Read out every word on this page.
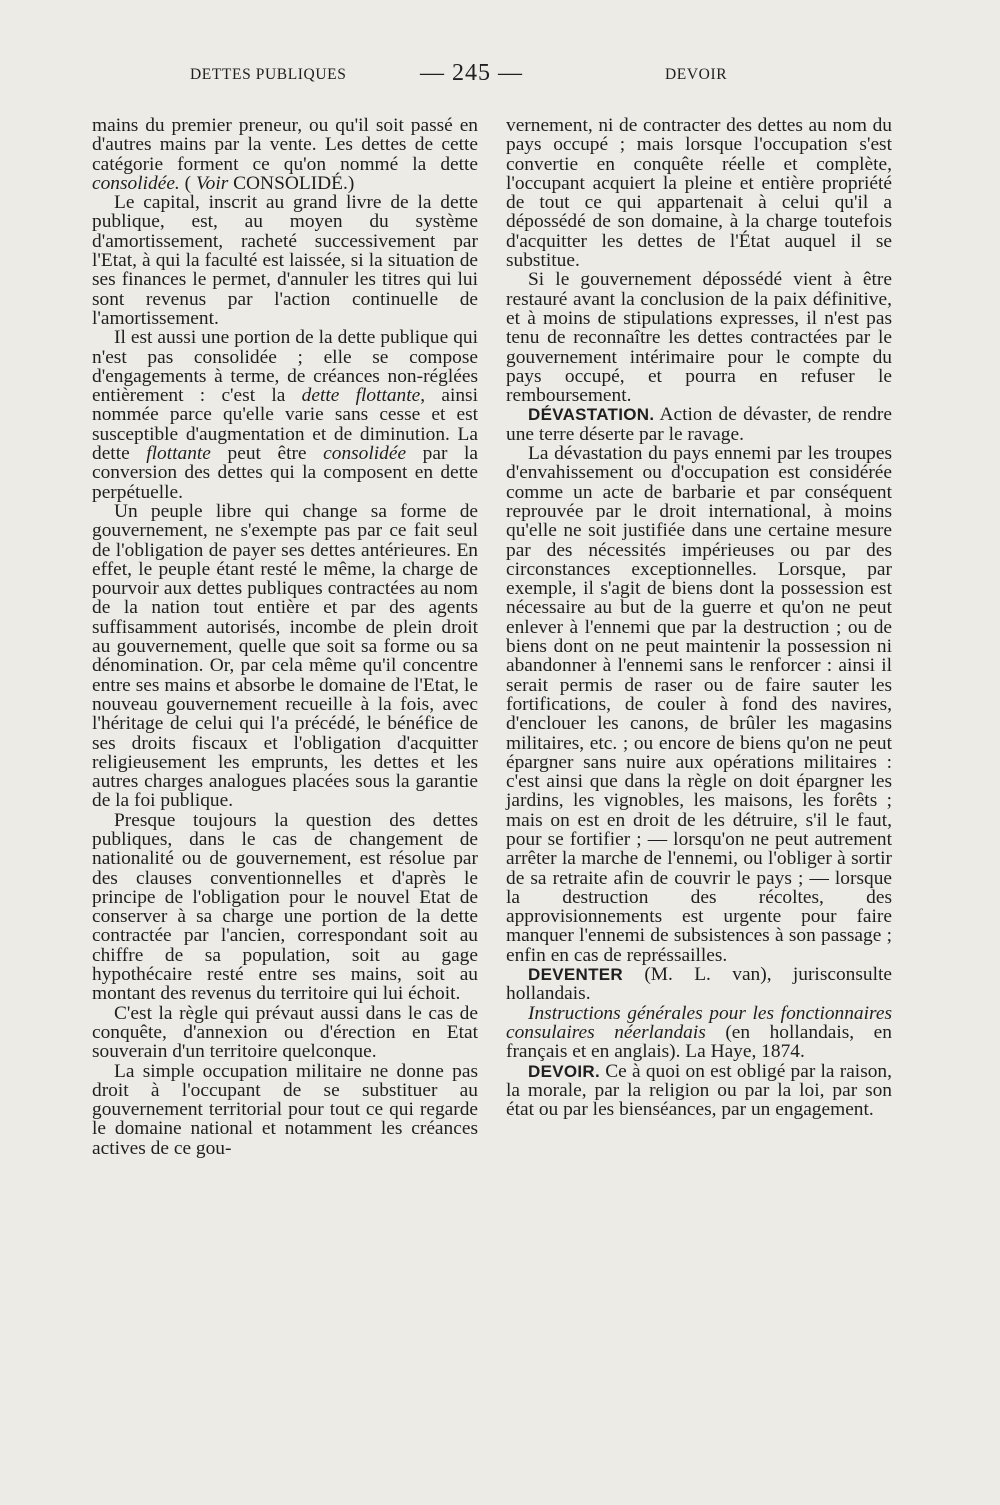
DETTES PUBLIQUES	— 245 —	DEVOIR

mains du premier preneur, ou qu'il soit passé en d'autres mains par la vente. Les dettes de cette catégorie forment ce qu'on nommé la dette consolidée. ( Voir CONSOLIDÉ.)

Le capital, inscrit au grand livre de la dette publique, est, au moyen du système d'amortissement, racheté successivement par l'Etat, à qui la faculté est laissée, si la situation de ses finances le permet, d'annuler les titres qui lui sont revenus par l'action continuelle de l'amortissement.

Il est aussi une portion de la dette publique qui n'est pas consolidée ; elle se compose d'engagements à terme, de créances non-réglées entièrement : c'est la dette flottante, ainsi nommée parce qu'elle varie sans cesse et est susceptible d'augmentation et de diminution. La dette flottante peut être consolidée par la conversion des dettes qui la composent en dette perpétuelle.

Un peuple libre qui change sa forme de gouvernement, ne s'exempte pas par ce fait seul de l'obligation de payer ses dettes antérieures. En effet, le peuple étant resté le même, la charge de pourvoir aux dettes publiques contractées au nom de la nation tout entière et par des agents suffisamment autorisés, incombe de plein droit au gouvernement, quelle que soit sa forme ou sa dénomination. Or, par cela même qu'il concentre entre ses mains et absorbe le domaine de l'Etat, le nouveau gouvernement recueille à la fois, avec l'héritage de celui qui l'a précédé, le bénéfice de ses droits fiscaux et l'obligation d'acquitter religieusement les emprunts, les dettes et les autres charges analogues placées sous la garantie de la foi publique.

Presque toujours la question des dettes publiques, dans le cas de changement de nationalité ou de gouvernement, est résolue par des clauses conventionnelles et d'après le principe de l'obligation pour le nouvel Etat de conserver à sa charge une portion de la dette contractée par l'ancien, correspondant soit au chiffre de sa population, soit au gage hypothécaire resté entre ses mains, soit au montant des revenus du territoire qui lui échoit.

C'est la règle qui prévaut aussi dans le cas de conquête, d'annexion ou d'érection en Etat souverain d'un territoire quelconque.

La simple occupation militaire ne donne pas droit à l'occupant de se substituer au gouvernement territorial pour tout ce qui regarde le domaine national et notamment les créances actives de ce gou-

vernement, ni de contracter des dettes au nom du pays occupé ; mais lorsque l'occupation s'est convertie en conquête réelle et complète, l'occupant acquiert la pleine et entière propriété de tout ce qui appartenait à celui qu'il a dépossédé de son domaine, à la charge toutefois d'acquitter les dettes de l'État auquel il se substitue.

Si le gouvernement dépossédé vient à être restauré avant la conclusion de la paix définitive, et à moins de stipulations expresses, il n'est pas tenu de reconnaître les dettes contractées par le gouvernement intérimaire pour le compte du pays occupé, et pourra en refuser le remboursement.

DÉVASTATION. Action de dévaster, de rendre une terre déserte par le ravage.

La dévastation du pays ennemi par les troupes d'envahissement ou d'occupation est considérée comme un acte de barbarie et par conséquent reprouvée par le droit international, à moins qu'elle ne soit justifiée dans une certaine mesure par des nécessités impérieuses ou par des circonstances exceptionnelles. Lorsque, par exemple, il s'agit de biens dont la possession est nécessaire au but de la guerre et qu'on ne peut enlever à l'ennemi que par la destruction ; ou de biens dont on ne peut maintenir la possession ni abandonner à l'ennemi sans le renforcer : ainsi il serait permis de raser ou de faire sauter les fortifications, de couler à fond des navires, d'enclouer les canons, de brûler les magasins militaires, etc. ; ou encore de biens qu'on ne peut épargner sans nuire aux opérations militaires : c'est ainsi que dans la règle on doit épargner les jardins, les vignobles, les maisons, les forêts ; mais on est en droit de les détruire, s'il le faut, pour se fortifier ; — lorsqu'on ne peut autrement arrêter la marche de l'ennemi, ou l'obliger à sortir de sa retraite afin de couvrir le pays ; — lorsque la destruction des récoltes, des approvisionnements est urgente pour faire manquer l'ennemi de subsistences à son passage ; enfin en cas de représsailles.

DEVENTER (M. L. van), jurisconsulte hollandais.

Instructions générales pour les fonctionnaires consulaires néerlandais (en hollandais, en français et en anglais). La Haye, 1874.

DEVOIR. Ce à quoi on est obligé par la raison, la morale, par la religion ou par la loi, par son état ou par les bienséances, par un engagement.
